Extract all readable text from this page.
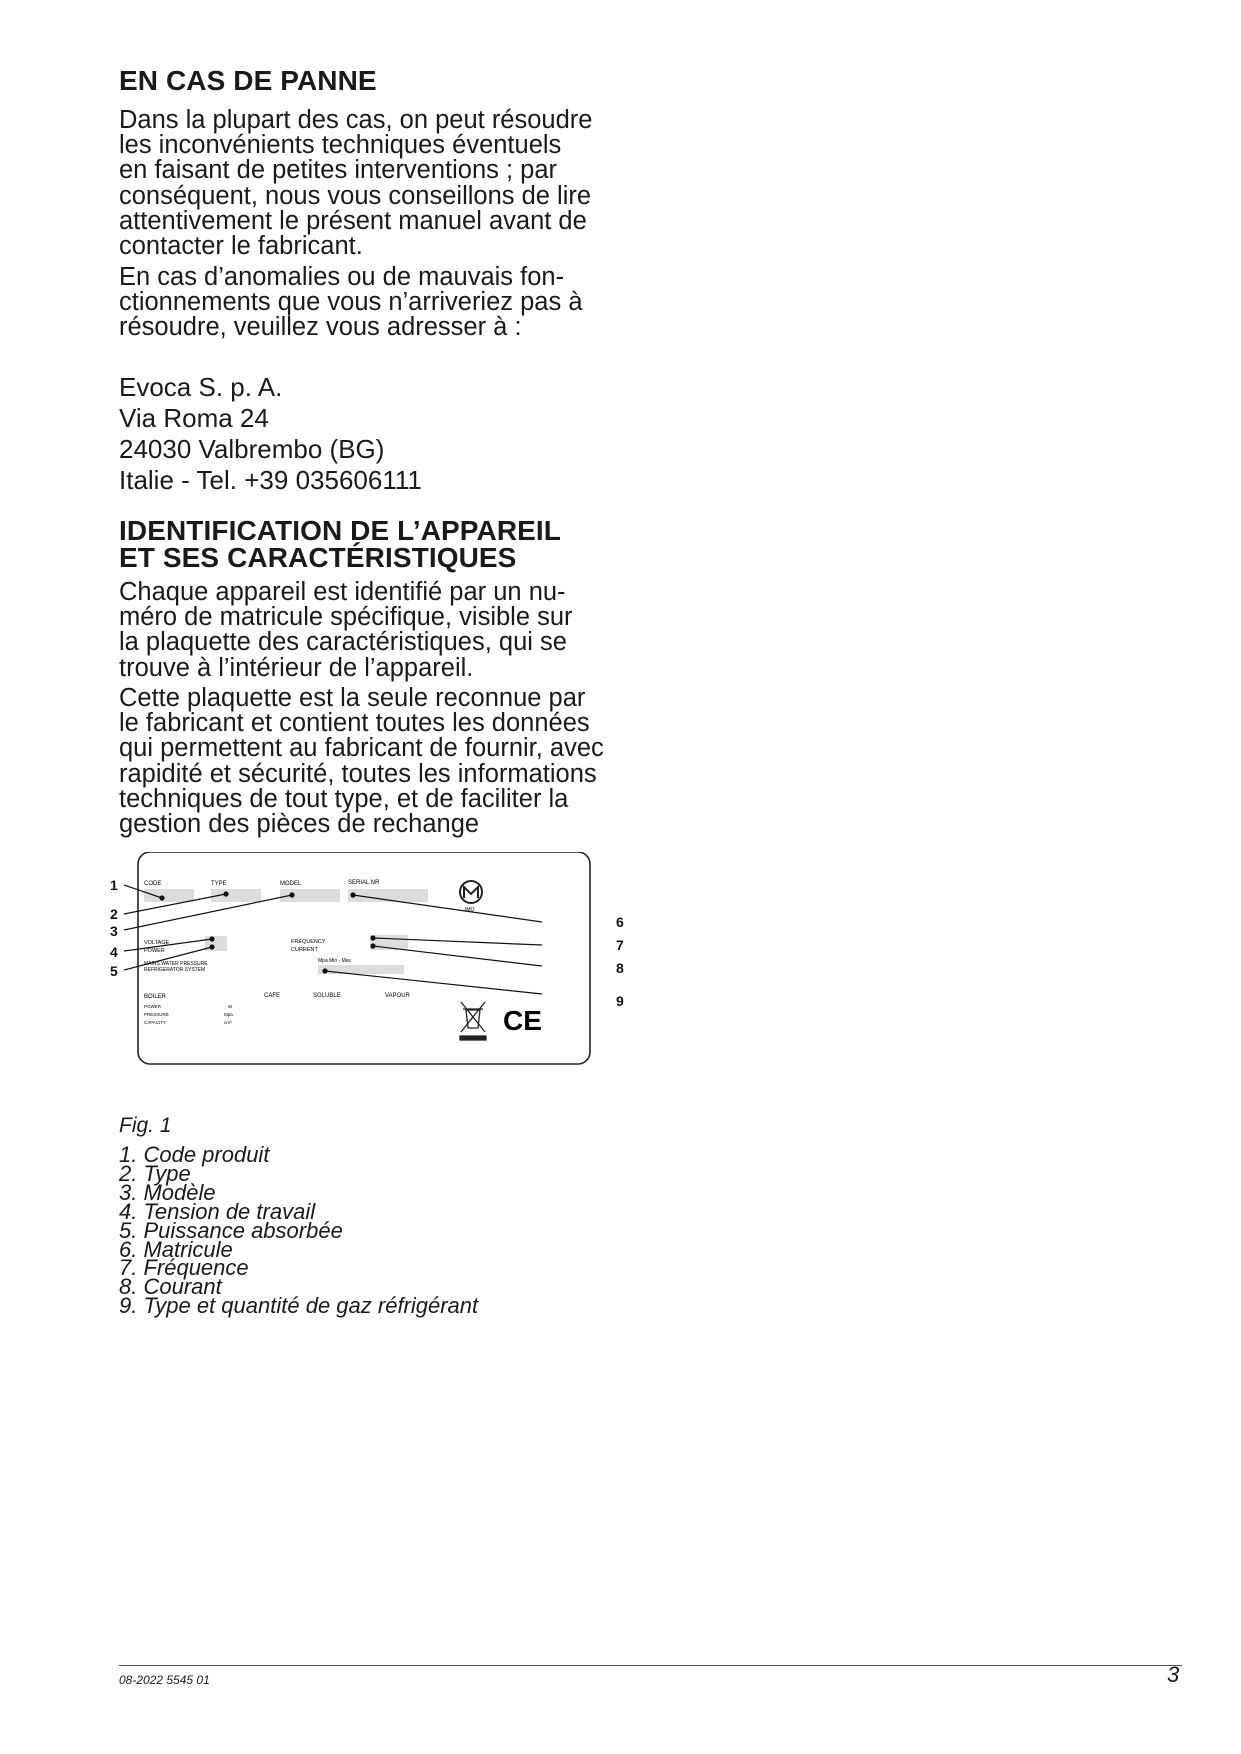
EN CAS DE PANNE

Dans la plupart des cas, on peut résoudre
les inconvénients techniques éventuels
en faisant de petites interventions ; par
conséquent, nous vous conseillons de lire
attentivement le présent manuel avant de
contacter le fabricant.

En cas d’anomalies ou de mauvais fon-
ctionnements que vous n’arriveriez pas à
résoudre, veuillez vous adresser à :

Evoca S. p. A.
Via Roma 24
24030 Valbrembo (BG)
Italie - Tel. +39 035606111
IDENTIFICATION DE L’APPAREIL
ET SES CARACTÉRISTIQUES

Chaque appareil est identifié par un nu-
méro de matricule spécifique, visible sur
la plaquette des caractéristiques, qui se
trouve à l’intérieur de l’appareil.

Cette plaquette est la seule reconnue par
le fabricant et contient toutes les données
qui permettent au fabricant de fournir, avec
rapidité et sécurité, toutes les informations
techniques de tout type, et de faciliter la
gestion des pièces de rechange

CODE	TYPE	MODEL	SERIAL NR
IMQ
VOLTAGE
POWER
FREQUENCY
CURRENT
MAINS WATER PRESSURE
REFRIGERATOR SYSTEM
Mpa Min - Max
BOILER	CAFE	SOLUBLE	VAPOUR
POWER
PRESSURE
CAPACITY
W
Mpa
cm³	CE
1
2
3
4
5
6
7
8
9
Fig. 1
1. Code produit
2. Type
3. Modèle
4. Tension de travail
5. Puissance absorbée
6. Matricule
7. Fréquence
8. Courant
9. Type et quantité de gaz réfrigérant
08-2022 5545 01	3
